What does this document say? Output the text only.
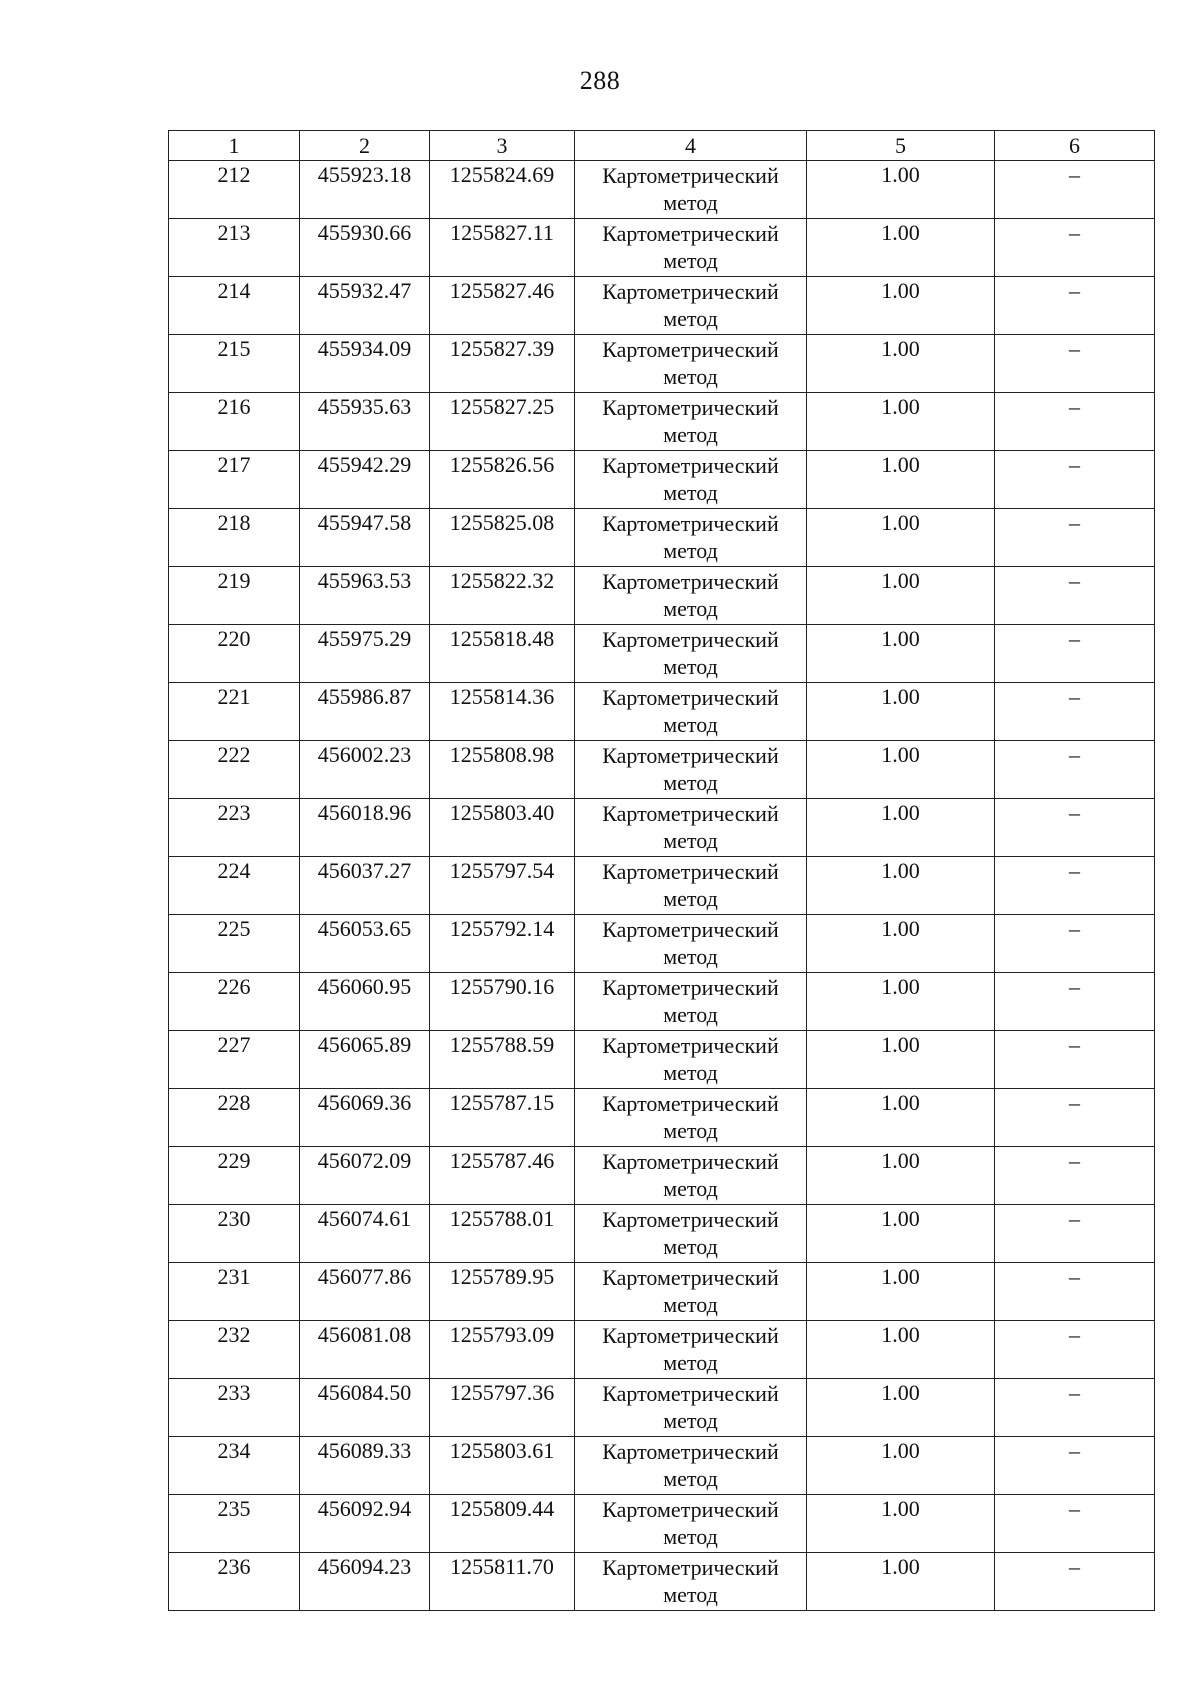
288
1	2	3	4	5	6
212	455923.18	1255824.69	Картометрический метод	1.00	–
213	455930.66	1255827.11	Картометрический метод	1.00	–
214	455932.47	1255827.46	Картометрический метод	1.00	–
215	455934.09	1255827.39	Картометрический метод	1.00	–
216	455935.63	1255827.25	Картометрический метод	1.00	–
217	455942.29	1255826.56	Картометрический метод	1.00	–
218	455947.58	1255825.08	Картометрический метод	1.00	–
219	455963.53	1255822.32	Картометрический метод	1.00	–
220	455975.29	1255818.48	Картометрический метод	1.00	–
221	455986.87	1255814.36	Картометрический метод	1.00	–
222	456002.23	1255808.98	Картометрический метод	1.00	–
223	456018.96	1255803.40	Картометрический метод	1.00	–
224	456037.27	1255797.54	Картометрический метод	1.00	–
225	456053.65	1255792.14	Картометрический метод	1.00	–
226	456060.95	1255790.16	Картометрический метод	1.00	–
227	456065.89	1255788.59	Картометрический метод	1.00	–
228	456069.36	1255787.15	Картометрический метод	1.00	–
229	456072.09	1255787.46	Картометрический метод	1.00	–
230	456074.61	1255788.01	Картометрический метод	1.00	–
231	456077.86	1255789.95	Картометрический метод	1.00	–
232	456081.08	1255793.09	Картометрический метод	1.00	–
233	456084.50	1255797.36	Картометрический метод	1.00	–
234	456089.33	1255803.61	Картометрический метод	1.00	–
235	456092.94	1255809.44	Картометрический метод	1.00	–
236	456094.23	1255811.70	Картометрический метод	1.00	–
